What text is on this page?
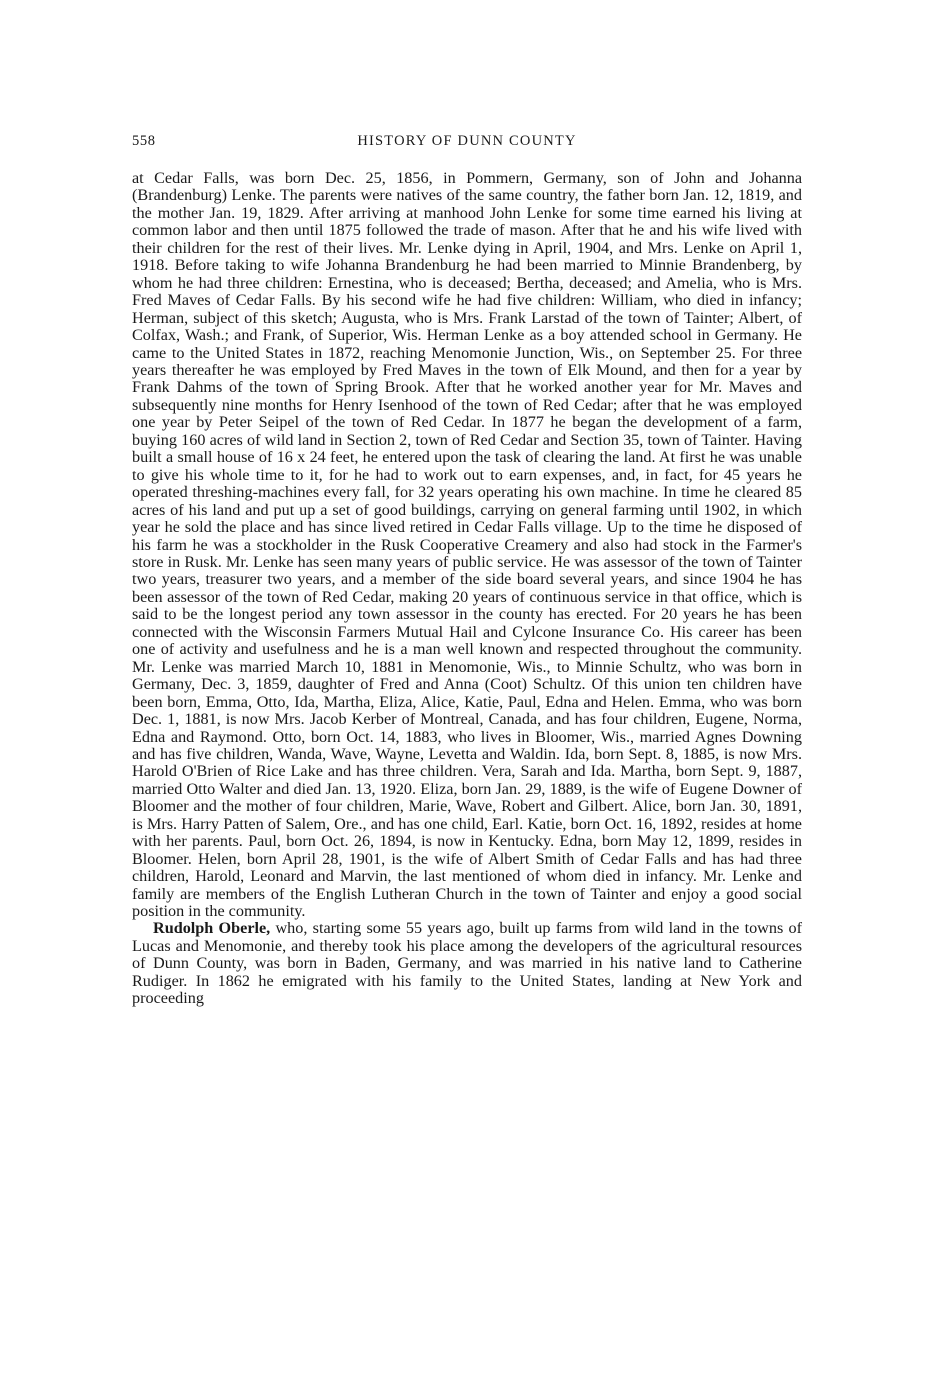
558	HISTORY OF DUNN COUNTY

at Cedar Falls, was born Dec. 25, 1856, in Pommern, Germany, son of John and Johanna (Brandenburg) Lenke. The parents were natives of the same country, the father born Jan. 12, 1819, and the mother Jan. 19, 1829. After arriving at manhood John Lenke for some time earned his living at common labor and then until 1875 followed the trade of mason. After that he and his wife lived with their children for the rest of their lives. Mr. Lenke dying in April, 1904, and Mrs. Lenke on April 1, 1918. Before taking to wife Johanna Brandenburg he had been married to Minnie Brandenberg, by whom he had three children: Ernestina, who is deceased; Bertha, deceased; and Amelia, who is Mrs. Fred Maves of Cedar Falls. By his second wife he had five children: William, who died in infancy; Herman, subject of this sketch; Augusta, who is Mrs. Frank Larstad of the town of Tainter; Albert, of Colfax, Wash.; and Frank, of Superior, Wis. Herman Lenke as a boy attended school in Germany. He came to the United States in 1872, reaching Menomonie Junction, Wis., on September 25. For three years thereafter he was employed by Fred Maves in the town of Elk Mound, and then for a year by Frank Dahms of the town of Spring Brook. After that he worked another year for Mr. Maves and subsequently nine months for Henry Isenhood of the town of Red Cedar; after that he was employed one year by Peter Seipel of the town of Red Cedar. In 1877 he began the development of a farm, buying 160 acres of wild land in Section 2, town of Red Cedar and Section 35, town of Tainter. Having built a small house of 16 x 24 feet, he entered upon the task of clearing the land. At first he was unable to give his whole time to it, for he had to work out to earn expenses, and, in fact, for 45 years he operated threshing-machines every fall, for 32 years operating his own machine. In time he cleared 85 acres of his land and put up a set of good buildings, carrying on general farming until 1902, in which year he sold the place and has since lived retired in Cedar Falls village. Up to the time he disposed of his farm he was a stockholder in the Rusk Cooperative Creamery and also had stock in the Farmer's store in Rusk. Mr. Lenke has seen many years of public service. He was assessor of the town of Tainter two years, treasurer two years, and a member of the side board several years, and since 1904 he has been assessor of the town of Red Cedar, making 20 years of continuous service in that office, which is said to be the longest period any town assessor in the county has erected. For 20 years he has been connected with the Wisconsin Farmers Mutual Hail and Cylcone Insurance Co. His career has been one of activity and usefulness and he is a man well known and respected throughout the community. Mr. Lenke was married March 10, 1881 in Menomonie, Wis., to Minnie Schultz, who was born in Germany, Dec. 3, 1859, daughter of Fred and Anna (Coot) Schultz. Of this union ten children have been born, Emma, Otto, Ida, Martha, Eliza, Alice, Katie, Paul, Edna and Helen. Emma, who was born Dec. 1, 1881, is now Mrs. Jacob Kerber of Montreal, Canada, and has four children, Eugene, Norma, Edna and Raymond. Otto, born Oct. 14, 1883, who lives in Bloomer, Wis., married Agnes Downing and has five children, Wanda, Wave, Wayne, Levetta and Waldin. Ida, born Sept. 8, 1885, is now Mrs. Harold O'Brien of Rice Lake and has three children. Vera, Sarah and Ida. Martha, born Sept. 9, 1887, married Otto Walter and died Jan. 13, 1920. Eliza, born Jan. 29, 1889, is the wife of Eugene Downer of Bloomer and the mother of four children, Marie, Wave, Robert and Gilbert. Alice, born Jan. 30, 1891, is Mrs. Harry Patten of Salem, Ore., and has one child, Earl. Katie, born Oct. 16, 1892, resides at home with her parents. Paul, born Oct. 26, 1894, is now in Kentucky. Edna, born May 12, 1899, resides in Bloomer. Helen, born April 28, 1901, is the wife of Albert Smith of Cedar Falls and has had three children, Harold, Leonard and Marvin, the last mentioned of whom died in infancy. Mr. Lenke and family are members of the English Lutheran Church in the town of Tainter and enjoy a good social position in the community.

Rudolph Oberle, who, starting some 55 years ago, built up farms from wild land in the towns of Lucas and Menomonie, and thereby took his place among the developers of the agricultural resources of Dunn County, was born in Baden, Germany, and was married in his native land to Catherine Rudiger. In 1862 he emigrated with his family to the United States, landing at New York and proceeding
